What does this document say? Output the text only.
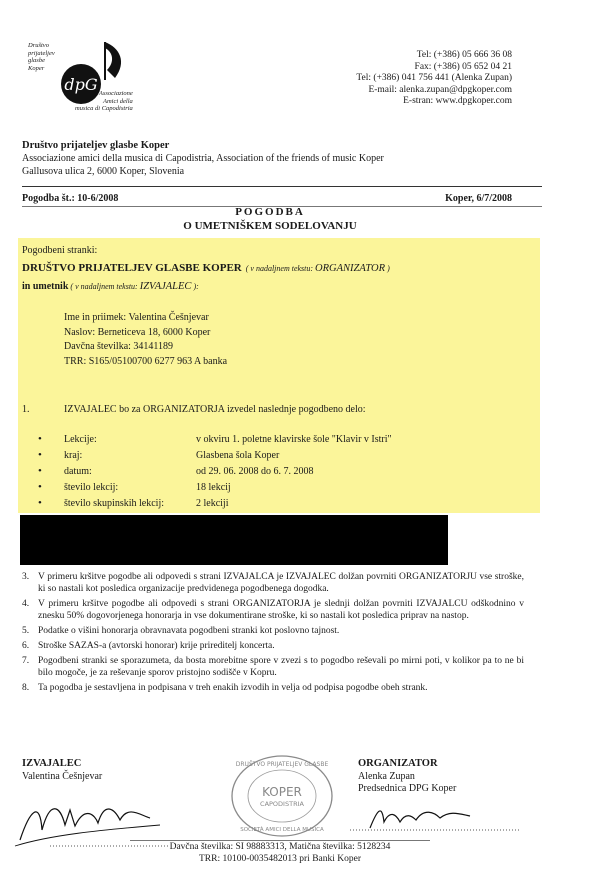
Društvo
prijateljev
glasbe
Koper
dpG Associazione
Amici della
musica di Capodistria
Tel: (+386) 05 666 36 08
Fax: (+386) 05 652 04 21
Tel: (+386) 041 756 441 (Alenka Zupan)
E-mail: alenka.zupan@dpgkoper.com
E-stran: www.dpgkoper.com
Društvo prijateljev glasbe Koper
Associazione amici della musica di Capodistria, Association of the friends of music Koper
Gallusova ulica 2, 6000 Koper, Slovenia
Pogodba št.: 10-6/2008	Koper, 6/7/2008
POGODBA
O UMETNIŠKEM SODELOVANJU
Pogodbeni stranki:
DRUŠTVO PRIJATELJEV GLASBE KOPER ( v nadaljnem tekstu: ORGANIZATOR )
in umetnik ( v nadaljnem tekstu: IZVAJALEC ):
Ime in priimek: Valentina Češnjevar
Naslov: Berneticeva 18, 6000 Koper
Davčna številka: 34141189
TRR: S165/05100700 6277 963 A banka
1.	IZVAJALEC bo za ORGANIZATORJA izvedel naslednje pogodbeno delo:
• Lekcije:	v okviru 1. poletne klavirske šole "Klavir v Istri"
• kraj:	Glasbena šola Koper
• datum:	od 29. 06. 2008 do 6. 7. 2008
• število lekcij:	18 lekcij
• število skupinskih lekcij:	2 lekciji
3. V primeru kršitve pogodbe ali odpovedi s strani IZVAJALCA je IZVAJALEC dolžan povrniti ORGANIZATORJU vse stroške, ki so nastali kot posledica organizacije predvidenega pogodbenega dogodka.
4. V primeru kršitve pogodbe ali odpovedi s strani ORGANIZATORJA je slednji dolžan povrniti IZVAJALCU odškodnino v znesku 50% dogovorjenega honorarja in vse dokumentirane stroške, ki so nastali kot posledica priprav na nastop.
5. Podatke o višini honorarja obravnavata pogodbeni stranki kot poslovno tajnost.
6. Stroške SAZAS-a (avtorski honorar) krije prireditelj koncerta.
7. Pogodbeni stranki se sporazumeta, da bosta morebitne spore v zvezi s to pogodbo reševali po mirni poti, v kolikor pa to ne bi bilo mogoče, je za reševanje sporov pristojno sodišče v Kopru.
8. Ta pogodba je sestavljena in podpisana v treh enakih izvodih in velja od podpisa pogodbe obeh strank.
IZVAJALEC
Valentina Češnjevar
DRUŠTVO PRIJATELJEV GLASBE
KOPER
CAPODISTRIA
SOCIETÀ AMICI DELLA MUSICA
ORGANIZATOR
Alenka Zupan
Predsednica DPG Koper
Davčna številka: SI 98883313, Matična številka: 5128234
TRR: 10100-0035482013 pri Banki Koper
